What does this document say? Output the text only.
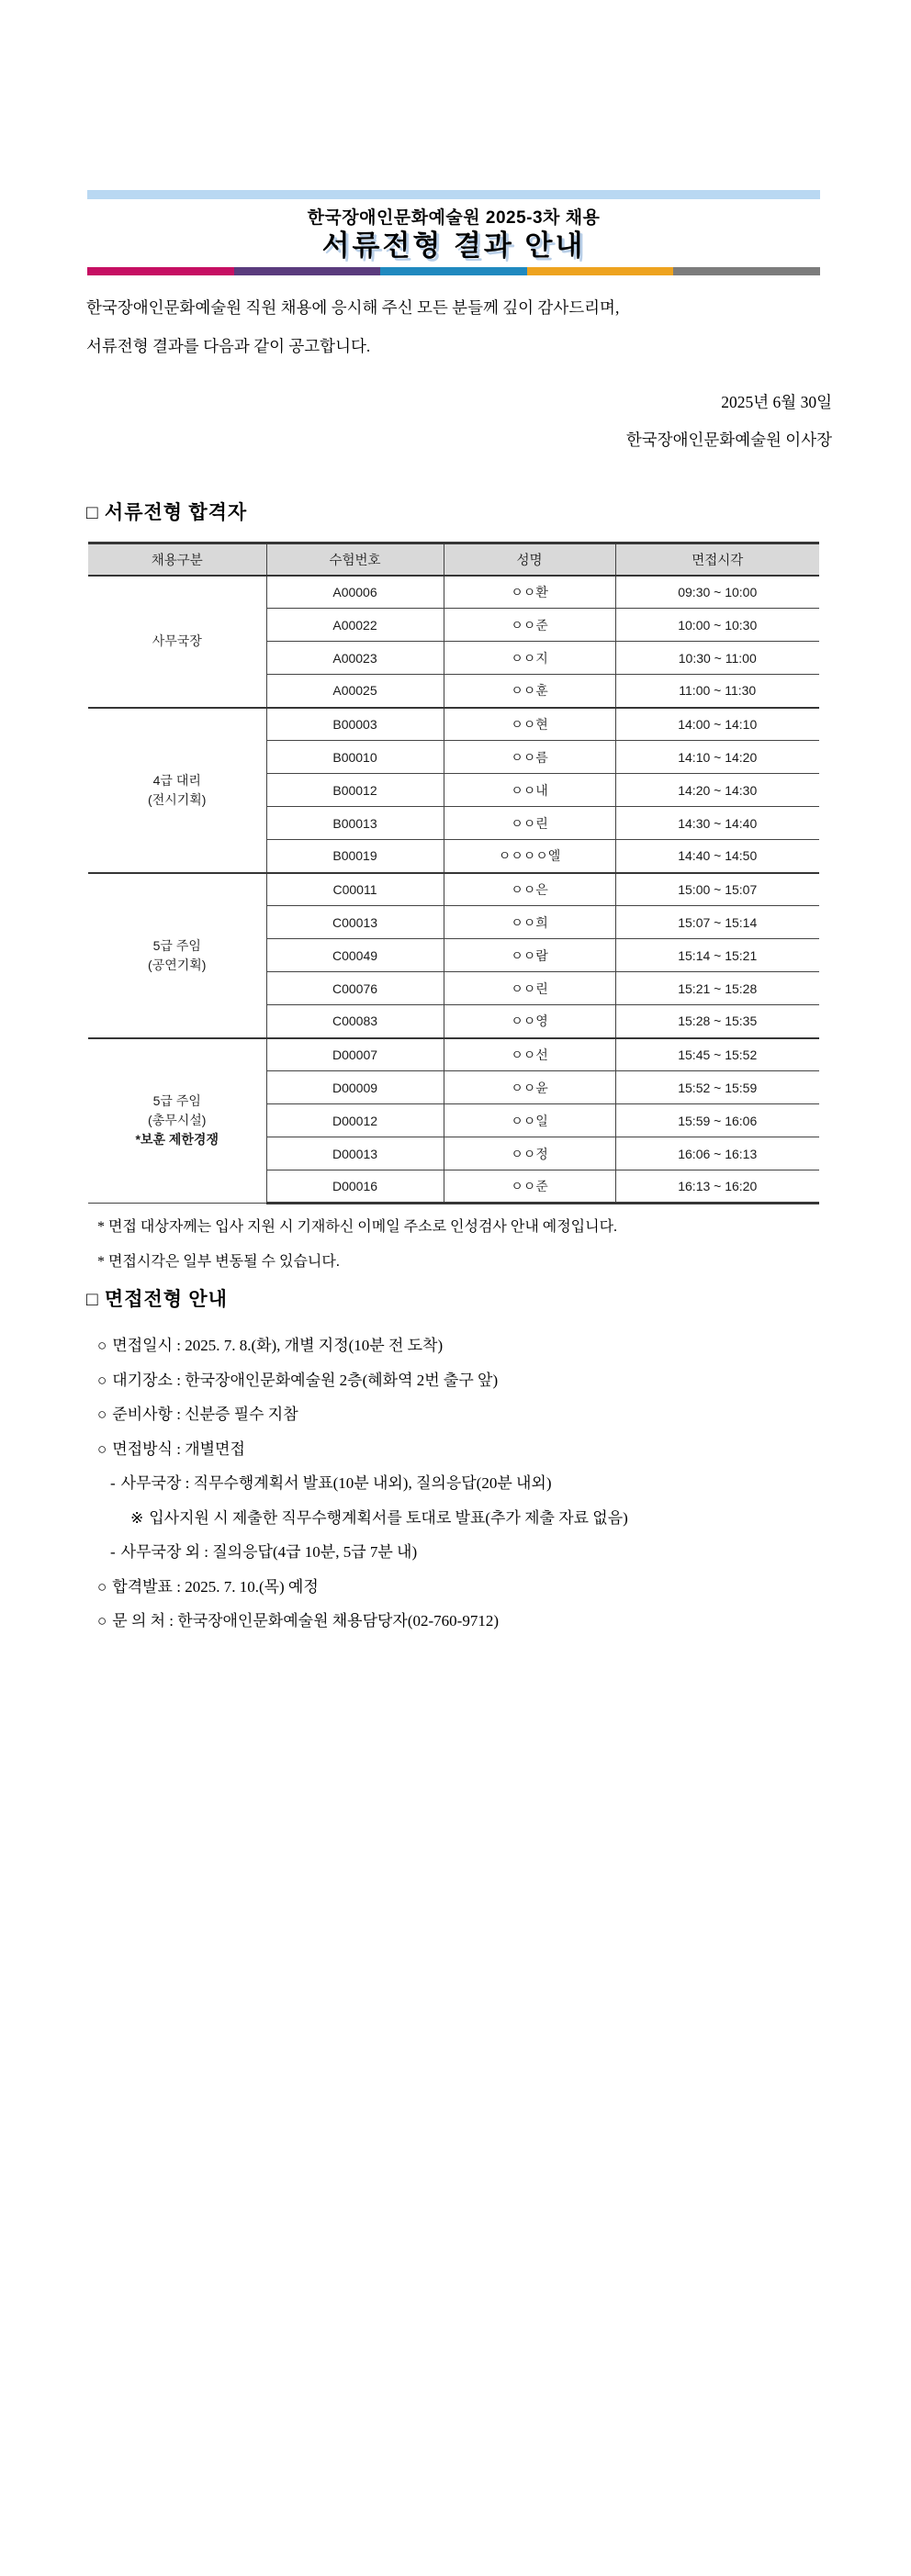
한국장애인문화예술원 2025-3차 채용
서류전형 결과 안내
한국장애인문화예술원 직원 채용에 응시해 주신 모든 분들께 깊이 감사드리며,
서류전형 결과를 다음과 같이 공고합니다.
2025년 6월 30일
한국장애인문화예술원 이사장
□ 서류전형 합격자
채용구분	수험번호	성명	면접시각

사무국장	A00006	ㅇㅇ환	09:30 ~ 10:00
	A00022	ㅇㅇ준	10:00 ~ 10:30
	A00023	ㅇㅇ지	10:30 ~ 11:00
	A00025	ㅇㅇ훈	11:00 ~ 11:30

4급 대리
(전시기획)	B00003	ㅇㅇ현	14:00 ~ 14:10
	B00010	ㅇㅇ름	14:10 ~ 14:20
	B00012	ㅇㅇ내	14:20 ~ 14:30
	B00013	ㅇㅇ린	14:30 ~ 14:40
	B00019	ㅇㅇㅇㅇ엘	14:40 ~ 14:50

5급 주임
(공연기획)	C00011	ㅇㅇ은	15:00 ~ 15:07
	C00013	ㅇㅇ희	15:07 ~ 15:14
	C00049	ㅇㅇ람	15:14 ~ 15:21
	C00076	ㅇㅇ린	15:21 ~ 15:28
	C00083	ㅇㅇ영	15:28 ~ 15:35

5급 주임
(총무시설)
*보훈 제한경쟁	D00007	ㅇㅇ선	15:45 ~ 15:52
	D00009	ㅇㅇ윤	15:52 ~ 15:59
	D00012	ㅇㅇ일	15:59 ~ 16:06
	D00013	ㅇㅇ정	16:06 ~ 16:13
	D00016	ㅇㅇ준	16:13 ~ 16:20
* 면접 대상자께는 입사 지원 시 기재하신 이메일 주소로 인성검사 안내 예정입니다.
* 면접시각은 일부 변동될 수 있습니다.
□ 면접전형 안내
○ 면접일시 : 2025. 7. 8.(화), 개별 지정(10분 전 도착)
○ 대기장소 : 한국장애인문화예술원 2층(혜화역 2번 출구 앞)
○ 준비사항 : 신분증 필수 지참
○ 면접방식 : 개별면접
- 사무국장 : 직무수행계획서 발표(10분 내외), 질의응답(20분 내외)
※ 입사지원 시 제출한 직무수행계획서를 토대로 발표(추가 제출 자료 없음)
- 사무국장 외 : 질의응답(4급 10분, 5급 7분 내)
○ 합격발표 : 2025. 7. 10.(목) 예정
○ 문 의 처 : 한국장애인문화예술원 채용담당자(02-760-9712)
